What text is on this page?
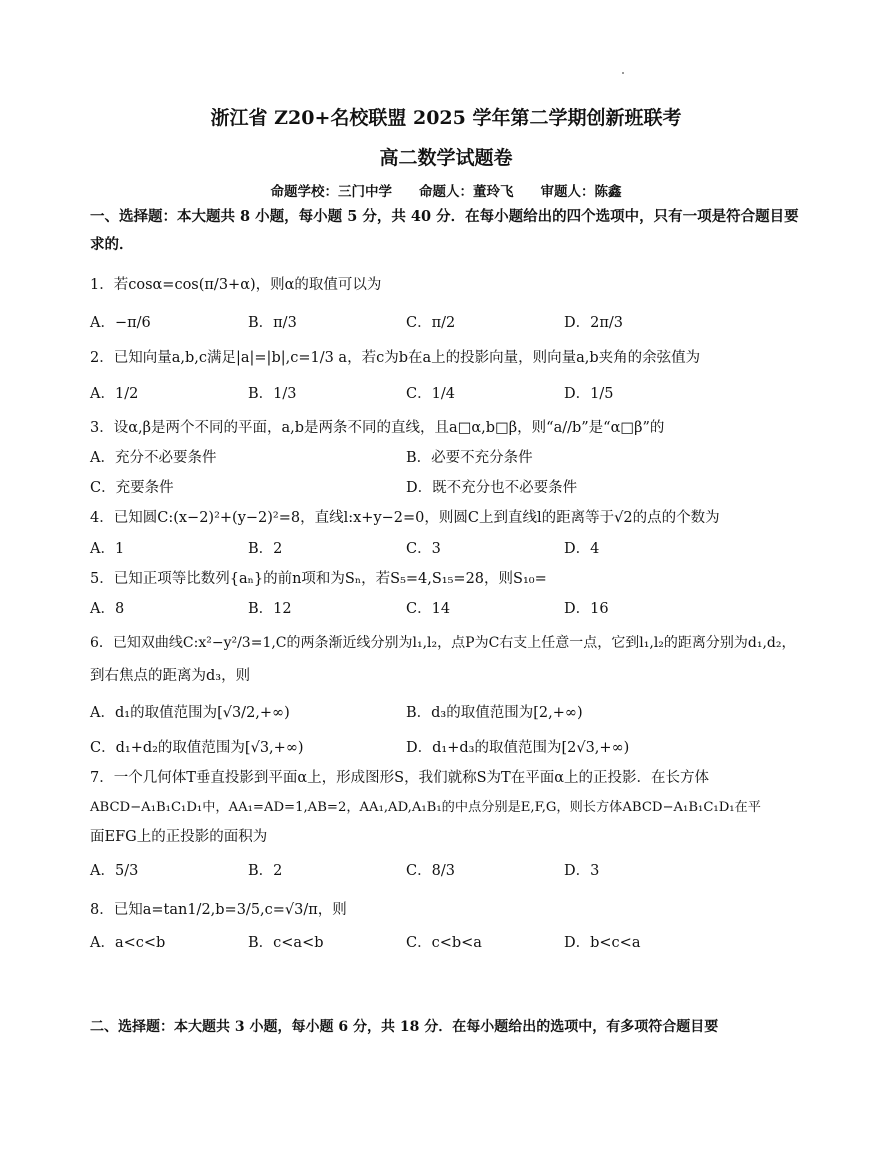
浙江省 Z20+名校联盟 2025 学年第二学期创新班联考
高二数学试题卷
命题学校：三门中学　　命题人：董玲飞　　审题人：陈鑫
一、选择题：本大题共 8 小题，每小题 5 分，共 40 分．在每小题给出的四个选项中，只有一项是符合题目要求的．
1．若cosα=cos(π/3+α)，则α的取值可以为
A．−π/6	B．π/3	C．π/2	D．2π/3
2．已知向量a,b,c满足|a|=|b|,c=1/3 a，若c为b在a上的投影向量，则向量a,b夹角的余弦值为
A．1/2	B．1/3	C．1/4	D．1/5
3．设α,β是两个不同的平面，a,b是两条不同的直线，且a□α,b□β，则“a//b”是“α□β”的
A．充分不必要条件	B．必要不充分条件
C．充要条件	D．既不充分也不必要条件
4．已知圆C:(x−2)²+(y−2)²=8，直线l:x+y−2=0，则圆C上到直线l的距离等于√2的点的个数为
A．1	B．2	C．3	D．4
5．已知正项等比数列{aₙ}的前n项和为Sₙ，若S₅=4,S₁₅=28，则S₁₀=
A．8	B．12	C．14	D．16
6．已知双曲线C:x²−y²/3=1,C的两条渐近线分别为l₁,l₂，点P为C右支上任意一点，它到l₁,l₂的距离分别为d₁,d₂，
到右焦点的距离为d₃，则
A．d₁的取值范围为[√3/2,+∞)	B．d₃的取值范围为[2,+∞)
C．d₁+d₂的取值范围为[√3,+∞)	D．d₁+d₃的取值范围为[2√3,+∞)
7．一个几何体T垂直投影到平面α上，形成图形S，我们就称S为T在平面α上的正投影．在长方体
ABCD−A₁B₁C₁D₁中，AA₁=AD=1,AB=2，AA₁,AD,A₁B₁的中点分别是E,F,G，则长方体ABCD−A₁B₁C₁D₁在平
面EFG上的正投影的面积为
A．5/3	B．2	C．8/3	D．3
8．已知a=tan1/2,b=3/5,c=√3/π，则
A．a<c<b	B．c<a<b	C．c<b<a	D．b<c<a
二、选择题：本大题共 3 小题，每小题 6 分，共 18 分．在每小题给出的选项中，有多项符合题目要
